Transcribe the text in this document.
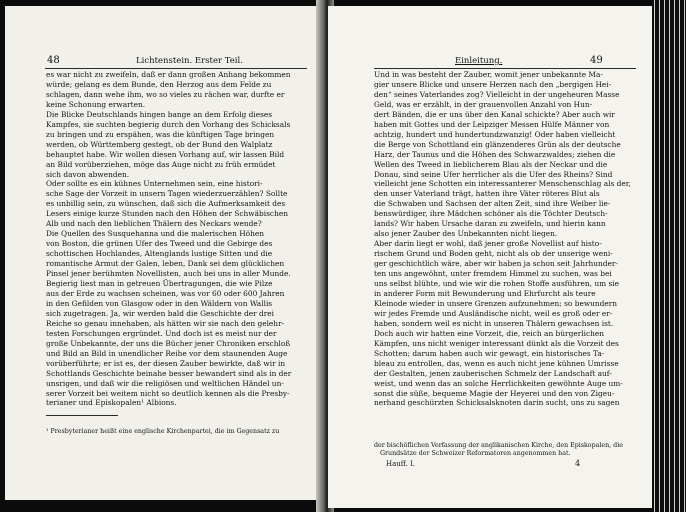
48	Lichtenstein. Erster Teil.
es war nicht zu zweifeln, daß er dann großen Anhang bekommen
würde; gelang es dem Bunde, den Herzog aus dem Felde zu
schlagen, dann wehe ihm, wo so vieles zu rächen war, durfte er
keine Schonung erwarten.
Die Blicke Deutschlands hingen bange an dem Erfolg dieses
Kampfes, sie suchten begierig durch den Vorhang des Schicksals
zu bringen und zu erspähen, was die künftigen Tage bringen
werden, ob Württemberg gestegt, ob der Bund den Walplatz
behauptet habe. Wir wollen diesen Vorhang auf, wir lassen Bild
an Bild vorüberziehen, möge das Auge nicht zu früh ermüdet
sich davon abwenden.
Oder sollte es ein kühnes Unternehmen sein, eine histori-
sche Sage der Vorzeit in unsern Tagen wiederzuerzählen? Sollte
es unbillig sein, zu wünschen, daß sich die Aufmerksamkeit des
Lesers einige kurze Stunden nach den Höhen der Schwäbischen
Alb und nach den lieblichen Thälern des Neckars wende?
Die Quellen des Susquehanna und die malerischen Höhen
von Boston, die grünen Ufer des Tweed und die Gebirge des
schottischen Hochlandes, Altenglands lustige Sitten und die
romantische Armut der Galen, leben, Dank sei dem glücklichen
Pinsel jener berühmten Novellisten, auch bei uns in aller Munde.
Begierig liest man in getreuen Übertragungen, die wie Pilze
aus der Erde zu wachsen scheinen, was vor 60 oder 600 Jahren
in den Gefilden von Glasgow oder in den Wäldern von Wallis
sich zugetragen. Ja, wir werden bald die Geschichte der drei
Reiche so genau innehaben, als hätten wir sie nach den gelehr-
testen Forschungen ergründet. Und doch ist es meist nur der
große Unbekannte, der uns die Bücher jener Chroniken erschloß
und Bild an Bild in unendlicher Reihe vor dem staunenden Auge
vorüberführte; er ist es, der diesen Zauber bewirkte, daß wir in
Schottlands Geschichte beinahe besser bewandert sind als in der
unsrigen, und daß wir die religiösen und weltlichen Händel un-
serer Vorzeit bei weitem nicht so deutlich kennen als die Presby-
terianer und Episkopalen¹ Albions.
¹ Presbyterianer heißt eine englische Kirchenpartei, die im Gegensatz zu
Einleitung.	49
Und in was besteht der Zauber, womit jener unbekannte Ma-
gier unsere Blicke und unsere Herzen nach den „bergigen Hei-
den“ seines Vaterlandes zog? Vielleicht in der ungeheuren Masse
Geld, was er erzählt, in der grauenvollen Anzahl von Hun-
dert Bänden, die er uns über den Kanal schickte? Aber auch wir
haben mit Gottes und der Leipziger Messen Hülfe Männer von
achtzig, hundert und hundertundzwanzig! Oder haben vielleicht
die Berge von Schottland ein glänzenderes Grün als der deutsche
Harz, der Taunus und die Höhen des Schwarzwaldes; ziehen die
Wellen des Tweed in lieblicherem Blau als der Neckar und die
Donau, sind seine Ufer herrlicher als die Ufer des Rheins? Sind
vielleicht jene Schotten ein interessanterer Menschenschlag als der,
den unser Vaterland trägt, hatten ihre Väter röteres Blut als
die Schwaben und Sachsen der alten Zeit, sind ihre Weiber lie-
benswürdiger, ihre Mädchen schöner als die Töchter Deutsch-
lands? Wir haben Ursache daran zu zweifeln, und hierin kann
also jener Zauber des Unbekannten nicht liegen.
Aber darin liegt er wohl, daß jener große Novellist auf histo-
rischem Grund und Boden geht, nicht als ob der unserige weni-
ger geschichtlich wäre, aber wir haben ja schon seit Jahrhunder-
ten uns angewöhnt, unter fremdem Himmel zu suchen, was bei
uns selbst blühte, und wie wir die rohen Stoffe ausführen, um sie
in anderer Form mit Bewunderung und Ehrfurcht als teure
Kleinode wieder in unsere Grenzen aufzunehmen; so bewundern
wir jedes Fremde und Ausländische nicht, weil es groß oder er-
haben, sondern weil es nicht in unseren Thälern gewachsen ist.
Doch auch wir hatten eine Vorzeit, die, reich an bürgerlichen
Kämpfen, uns nicht weniger interessant dünkt als die Vorzeit des
Schotten; darum haben auch wir gewagt, ein historisches Ta-
bleau zu entrollen, das, wenn es auch nicht jene kühnen Umrisse
der Gestalten, jenen zauberischen Schmelz der Landschaft auf-
weist, und wenn das an solche Herrlichkeiten gewöhnte Auge um-
sonst die süße, bequeme Magie der Heyerei und den von Zigeu-
nerhand geschürzten Schicksalsknoten darin sucht, uns zu sagen
der bischöflichen Verfassung der anglikanischen Kirche, den Episkopalen, die
Grundsätze der Schweizer Reformatoren angenommen hat.
Hauff. I.	4
